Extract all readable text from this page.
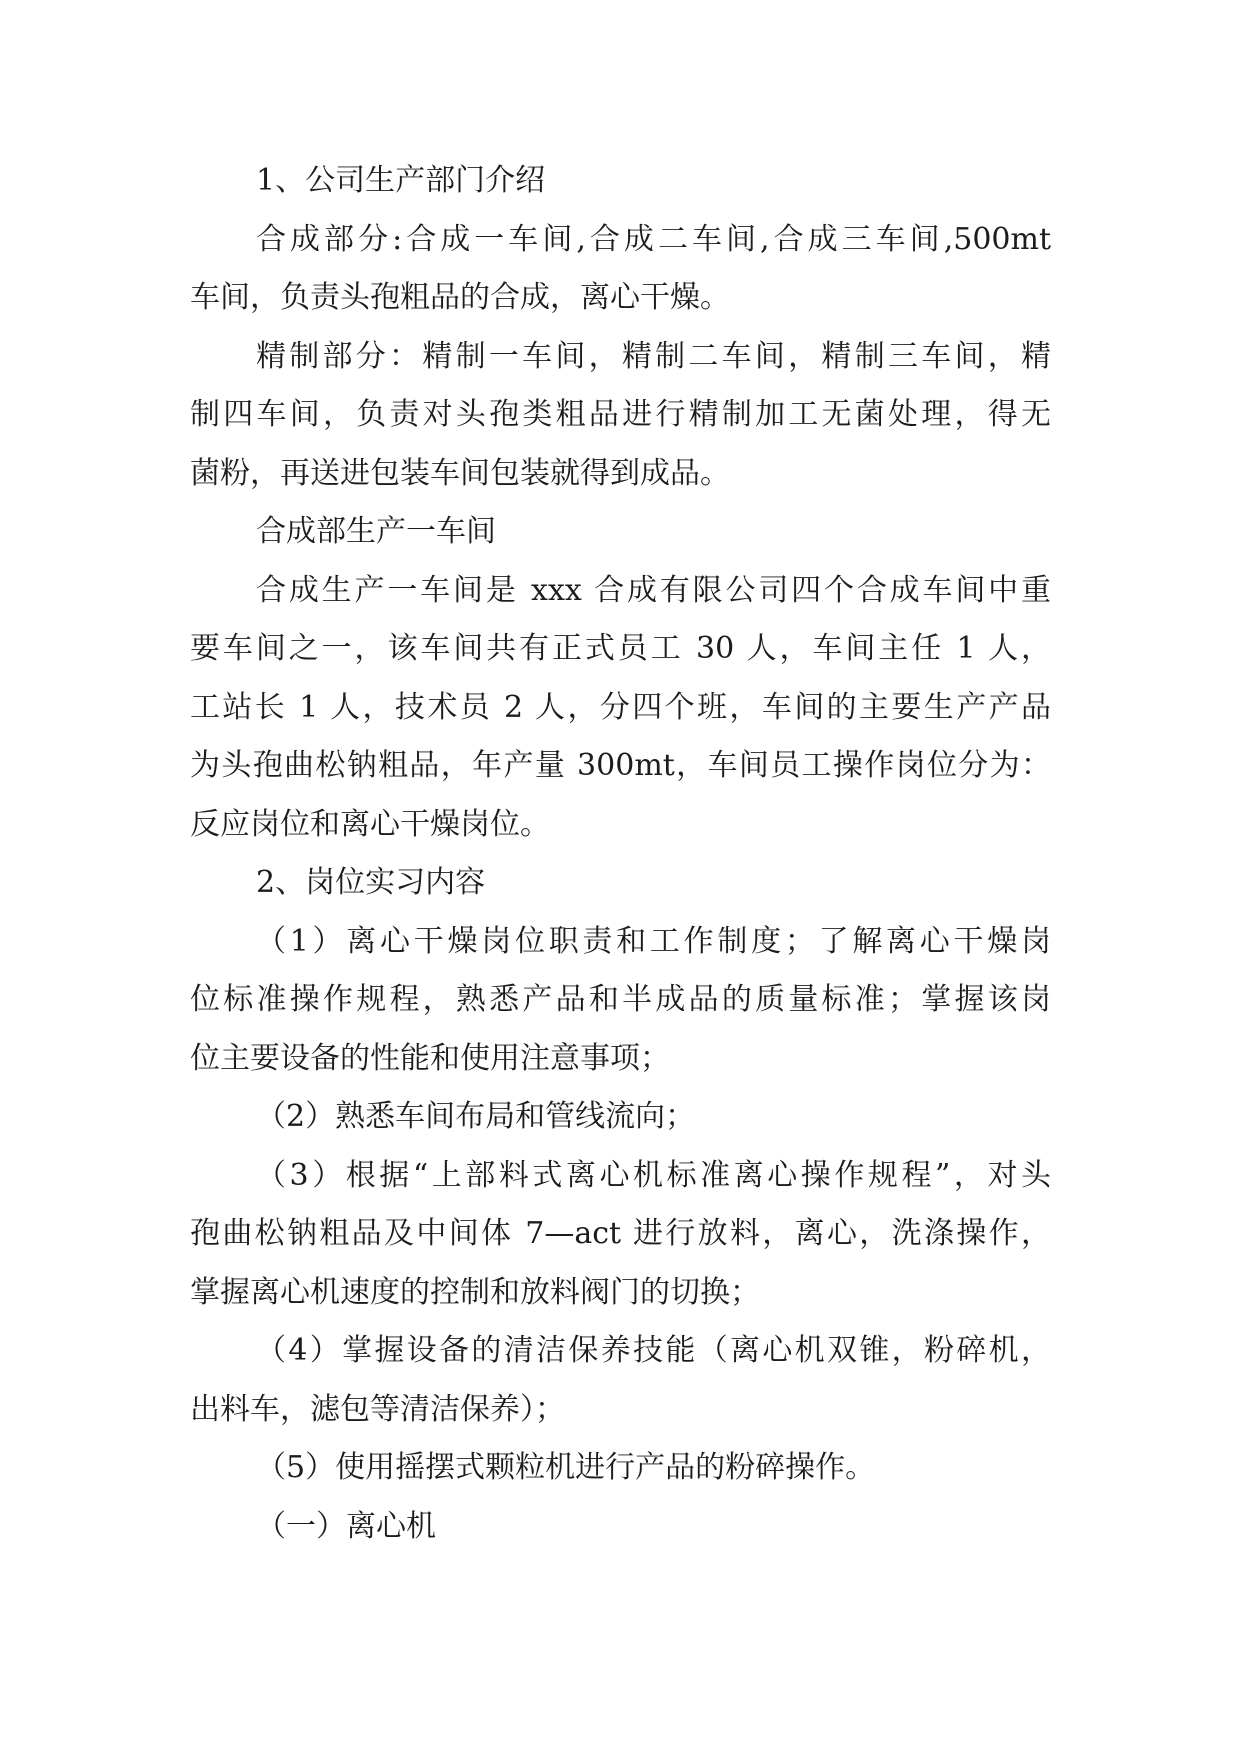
1、公司生产部门介绍
合成部分:合成一车间,合成二车间,合成三车间,500mt
车间，负责头孢粗品的合成，离心干燥。
精制部分：精制一车间，精制二车间，精制三车间，精
制四车间，负责对头孢类粗品进行精制加工无菌处理，得无
菌粉，再送进包装车间包装就得到成品。
合成部生产一车间
合成生产一车间是 xxx 合成有限公司四个合成车间中重
要车间之一，该车间共有正式员工 30 人，车间主任 1 人，
工站长 1 人，技术员 2 人，分四个班，车间的主要生产产品
为头孢曲松钠粗品，年产量 300mt，车间员工操作岗位分为：
反应岗位和离心干燥岗位。
2、岗位实习内容
（1）离心干燥岗位职责和工作制度；了解离心干燥岗
位标准操作规程，熟悉产品和半成品的质量标准；掌握该岗
位主要设备的性能和使用注意事项；
（2）熟悉车间布局和管线流向；
（3）根据“上部料式离心机标准离心操作规程”，对头
孢曲松钠粗品及中间体 7—act 进行放料，离心，洗涤操作，
掌握离心机速度的控制和放料阀门的切换；
（4）掌握设备的清洁保养技能（离心机双锥，粉碎机，
出料车，滤包等清洁保养）；
（5）使用摇摆式颗粒机进行产品的粉碎操作。
（一）离心机
